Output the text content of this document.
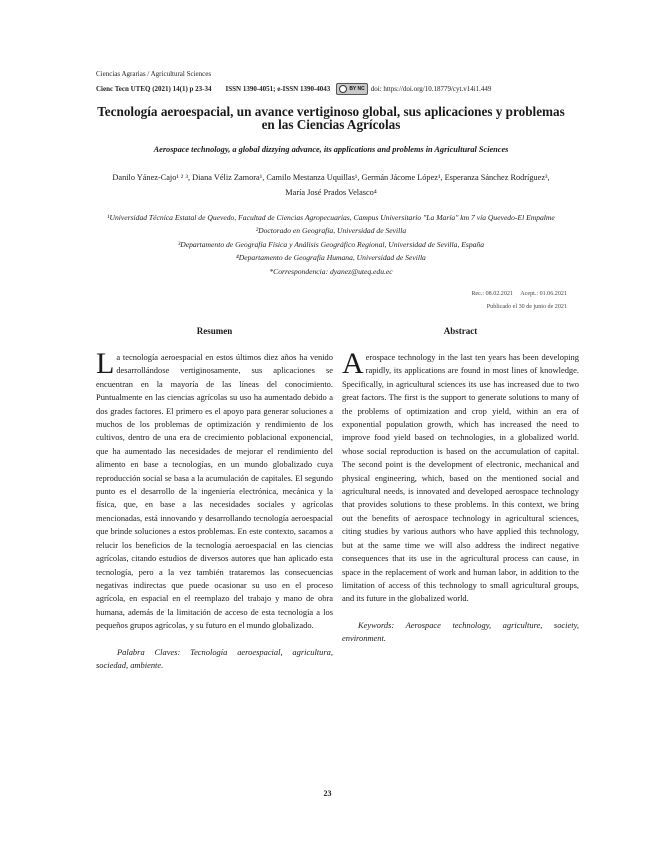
Ciencias Agrarias / Agricultural Sciences
Cienc Tecn UTEQ (2021) 14(1) p 23-34 ISSN 1390-4051; e-ISSN 1390-4043	BY NC doi: https://doi.org/10.18779/cyt.v14i1.449
Tecnología aeroespacial, un avance vertiginoso global, sus aplicaciones y problemas en las Ciencias Agrícolas
Aerospace technology, a global dizzying advance, its applications and problems in Agricultural Sciences
Danilo Yánez-Cajo¹ ² ³, Diana Véliz Zamora¹, Camilo Mestanza Uquillas¹, Germán Jácome López¹, Esperanza Sánchez Rodríguez³, María José Prados Velasco⁴
¹Universidad Técnica Estatal de Quevedo, Facultad de Ciencias Agropecuarias, Campus Universitario "La María" km 7 vía Quevedo-El Empalme
²Doctorado en Geografía, Universidad de Sevilla
³Departamento de Geografía Física y Análisis Geográfico Regional, Universidad de Sevilla, España
⁴Departamento de Geografía Humana, Universidad de Sevilla
*Correspondencia: dyanez@uteq.edu.ec
Rec.: 08.02.2021     Acept.: 01.06.2021
Publicado el 30 de junio de 2021
Resumen	Abstract

La tecnología aeroespacial en estos últimos diez años ha venido desarrollándose vertiginosamente, sus aplicaciones se encuentran en la mayoría de las líneas del conocimiento. Puntualmente en las ciencias agrícolas su uso ha aumentado debido a dos grades factores. El primero es el apoyo para generar soluciones a muchos de los problemas de optimización y rendimiento de los cultivos, dentro de una era de crecimiento poblacional exponencial, que ha aumentado las necesidades de mejorar el rendimiento del alimento en base a tecnologías, en un mundo globalizado cuya reproducción social se basa a la acumulación de capitales. El segundo punto es el desarrollo de la ingeniería electrónica, mecánica y la física, que, en base a las necesidades sociales y agrícolas mencionadas, está innovando y desarrollando tecnología aeroespacial que brinde soluciones a estos problemas. En este contexto, sacamos a relucir los beneficios de la tecnología aeroespacial en las ciencias agrícolas, citando estudios de diversos autores que han aplicado esta tecnología, pero a la vez también trataremos las consecuencias negativas indirectas que puede ocasionar su uso en el proceso agrícola, en espacial en el reemplazo del trabajo y mano de obra humana, además de la limitación de acceso de esta tecnología a los pequeños grupos agrícolas, y su futuro en el mundo globalizado.

Palabra Claves: Tecnología aeroespacial, agricultura, sociedad, ambiente.

Aerospace technology in the last ten years has been developing rapidly, its applications are found in most lines of knowledge. Specifically, in agricultural sciences its use has increased due to two great factors. The first is the support to generate solutions to many of the problems of optimization and crop yield, within an era of exponential population growth, which has increased the need to improve food yield based on technologies, in a globalized world. whose social reproduction is based on the accumulation of capital. The second point is the development of electronic, mechanical and physical engineering, which, based on the mentioned social and agricultural needs, is innovated and developed aerospace technology that provides solutions to these problems. In this context, we bring out the benefits of aerospace technology in agricultural sciences, citing studies by various authors who have applied this technology, but at the same time we will also address the indirect negative consequences that its use in the agricultural process can cause, in space in the replacement of work and human labor, in addition to the limitation of access of this technology to small agricultural groups, and its future in the globalized world.

Keywords: Aerospace technology, agriculture, society, environment.

23
